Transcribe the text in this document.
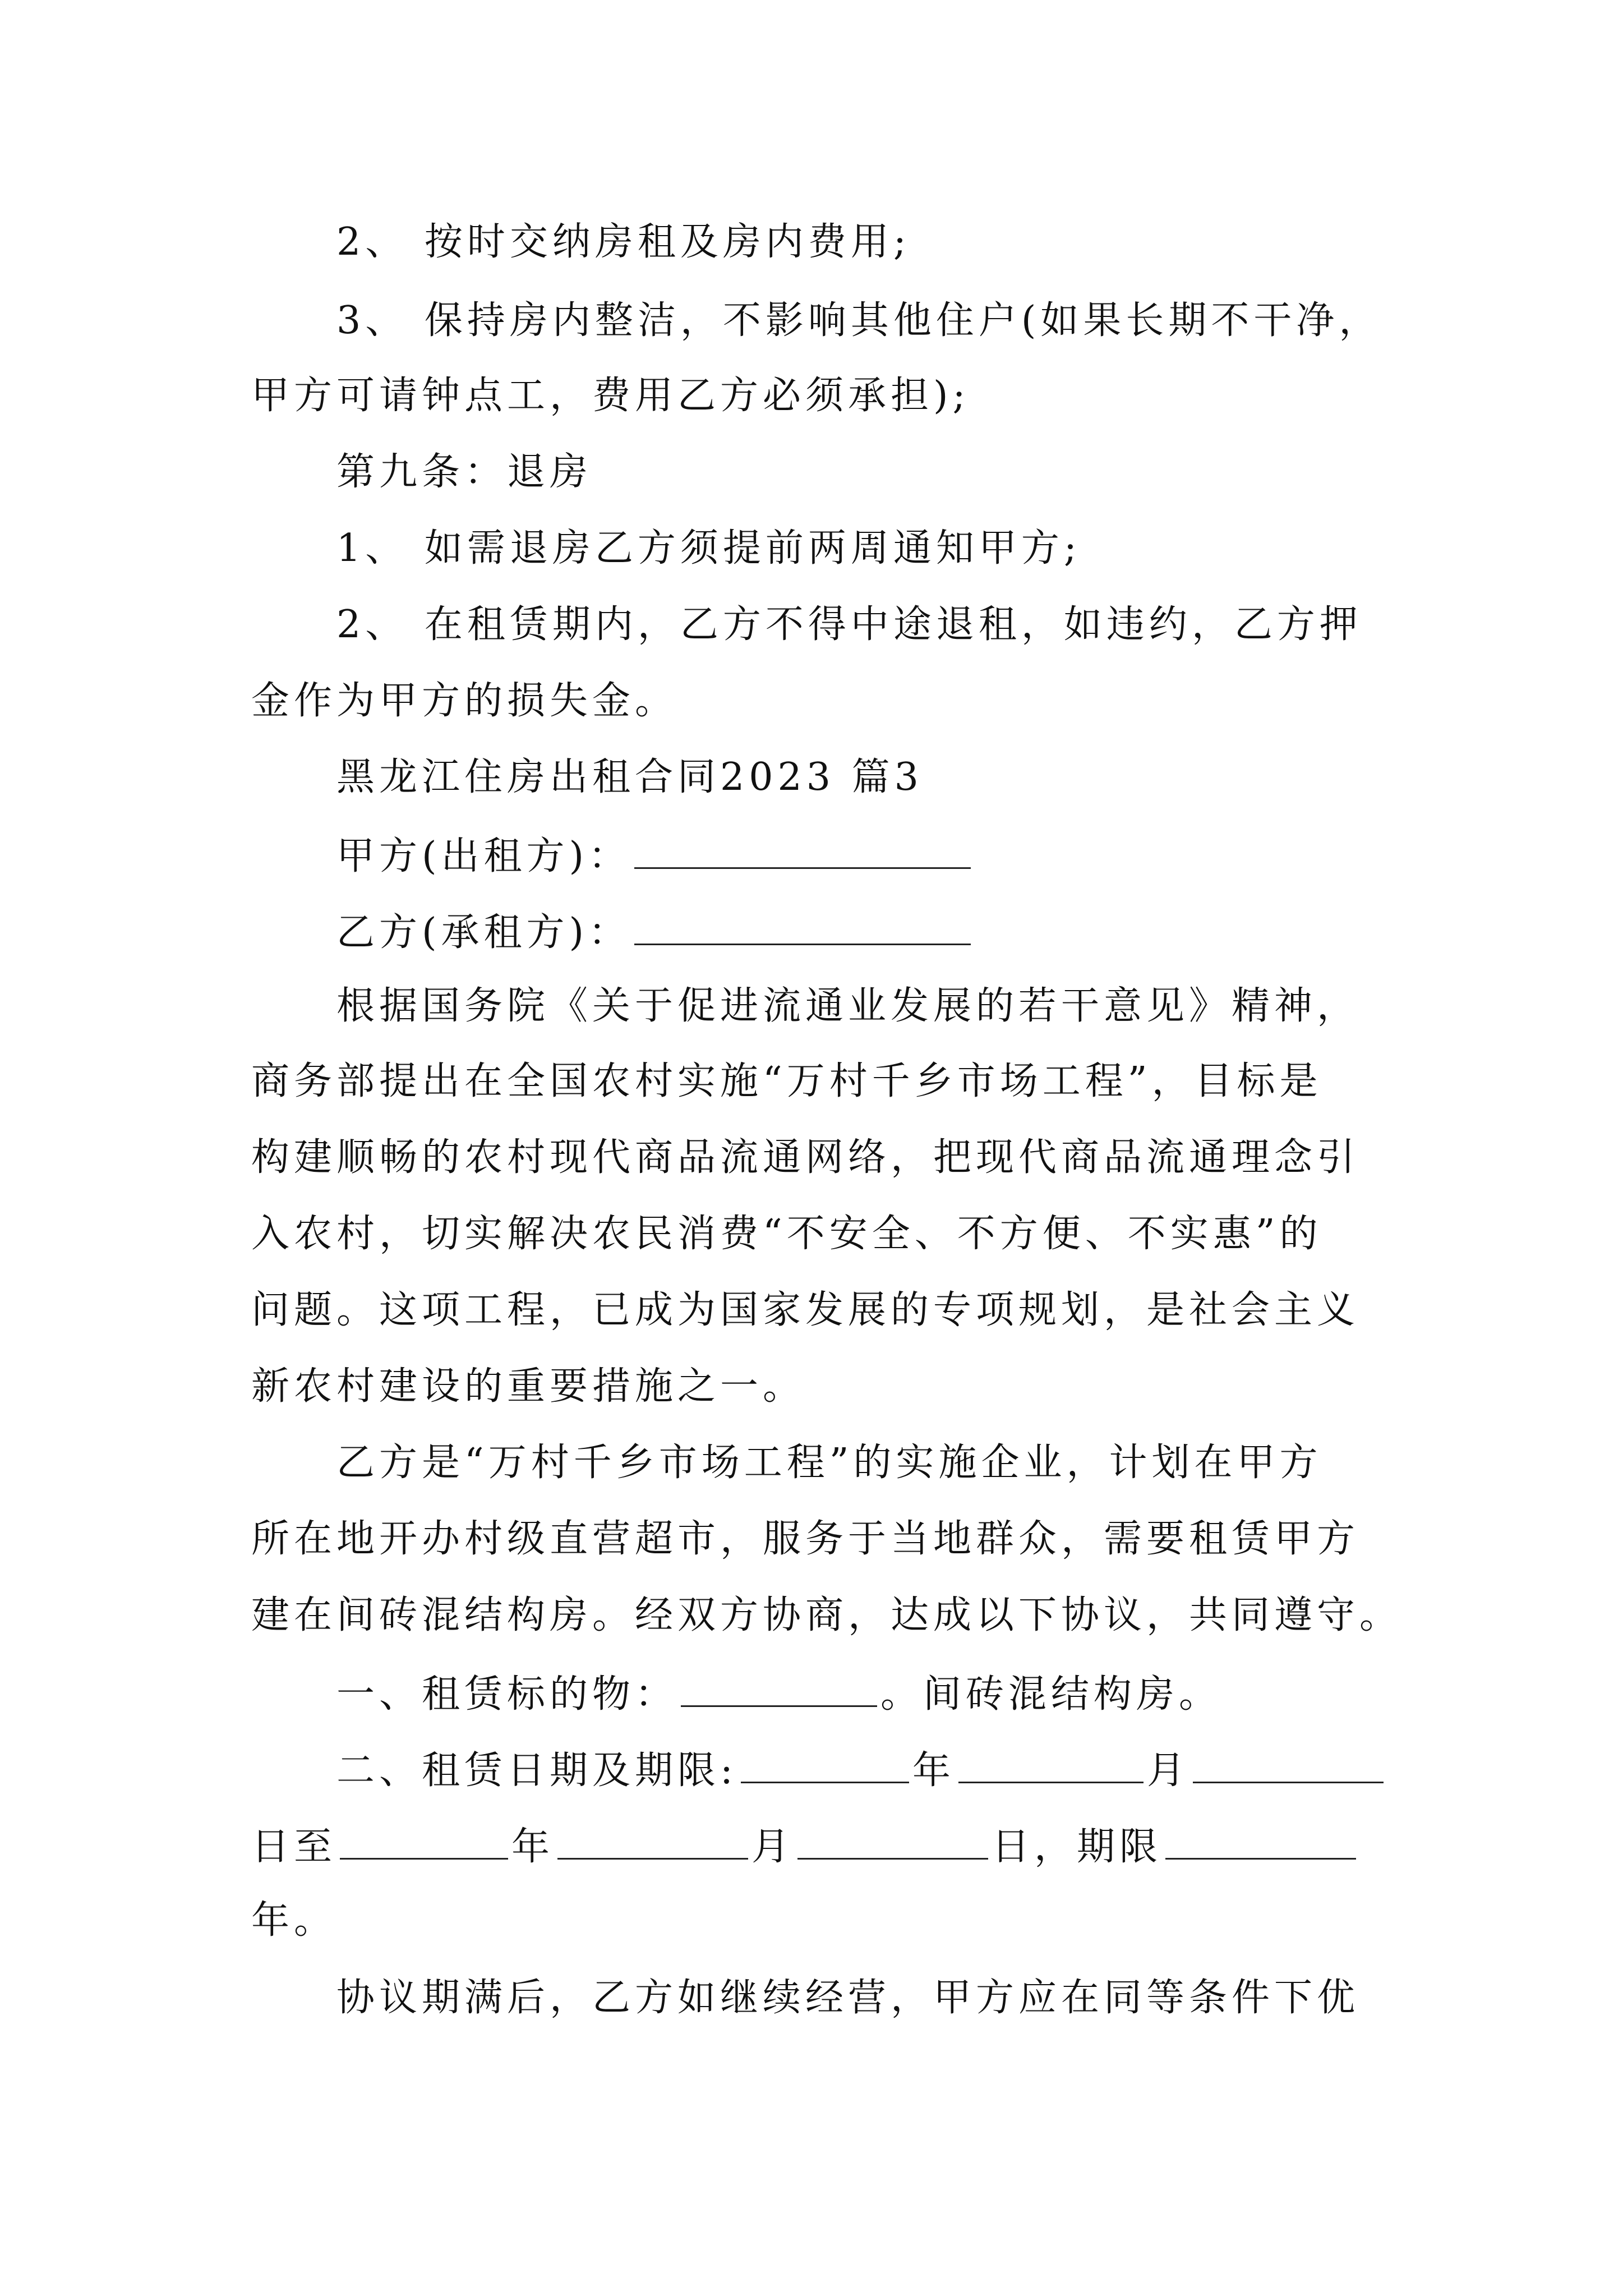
2、 按时交纳房租及房内费用;
3、 保持房内整洁，不影响其他住户(如果长期不干净，
甲方可请钟点工，费用乙方必须承担);
第九条：退房
1、 如需退房乙方须提前两周通知甲方;
2、 在租赁期内，乙方不得中途退租，如违约，乙方押
金作为甲方的损失金。
黑龙江住房出租合同2023 篇3
甲方(出租方)：
乙方(承租方)：
根据国务院《关于促进流通业发展的若干意见》精神，
商务部提出在全国农村实施“万村千乡市场工程”，目标是
构建顺畅的农村现代商品流通网络，把现代商品流通理念引
入农村，切实解决农民消费“不安全、不方便、不实惠”的
问题。这项工程，已成为国家发展的专项规划，是社会主义
新农村建设的重要措施之一。
乙方是“万村千乡市场工程”的实施企业，计划在甲方
所在地开办村级直营超市，服务于当地群众，需要租赁甲方
建在间砖混结构房。经双方协商，达成以下协议，共同遵守。
一、租赁标的物：	。间砖混结构房。
二、租赁日期及期限:	年	月
日至	年	月	日，期限
年。
协议期满后，乙方如继续经营，甲方应在同等条件下优
